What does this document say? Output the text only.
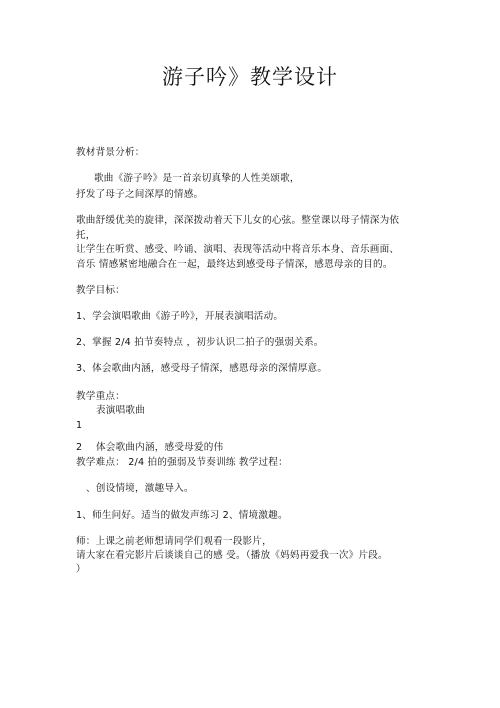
游子吟》教学设计

教材背景分析：

歌曲《游子吟》是一首亲切真挚的人性美颂歌，

抒发了母子之间深厚的情感。

歌曲舒缓优美的旋律，深深拨动着天下儿女的心弦。整堂课以母子情深为依

托，

让学生在听赏、感受、吟诵、演唱、表现等活动中将音乐本身、音乐画面、

音乐 情感紧密地融合在一起，最终达到感受母子情深，感恩母亲的目的。

教学目标：

1、学会演唱歌曲《游子吟》，开展表演唱活动。

2、掌握 2/4 拍节奏特点 ，初步认识二拍子的强弱关系。

3、体会歌曲内涵，感受母子情深，感恩母亲的深情厚意。

教学重点：

表演唱歌曲

1

2 体会歌曲内涵，感受母爱的伟

教学难点： 2/4 拍的强弱及节奏训练 教学过程：

、创设情境，激趣导入。

1、师生问好。适当的做发声练习 2、情境激趣。

师：上课之前老师想请同学们观看一段影片，

请大家在看完影片后谈谈自己的感 受。（播放《妈妈再爱我一次》片段。

）
